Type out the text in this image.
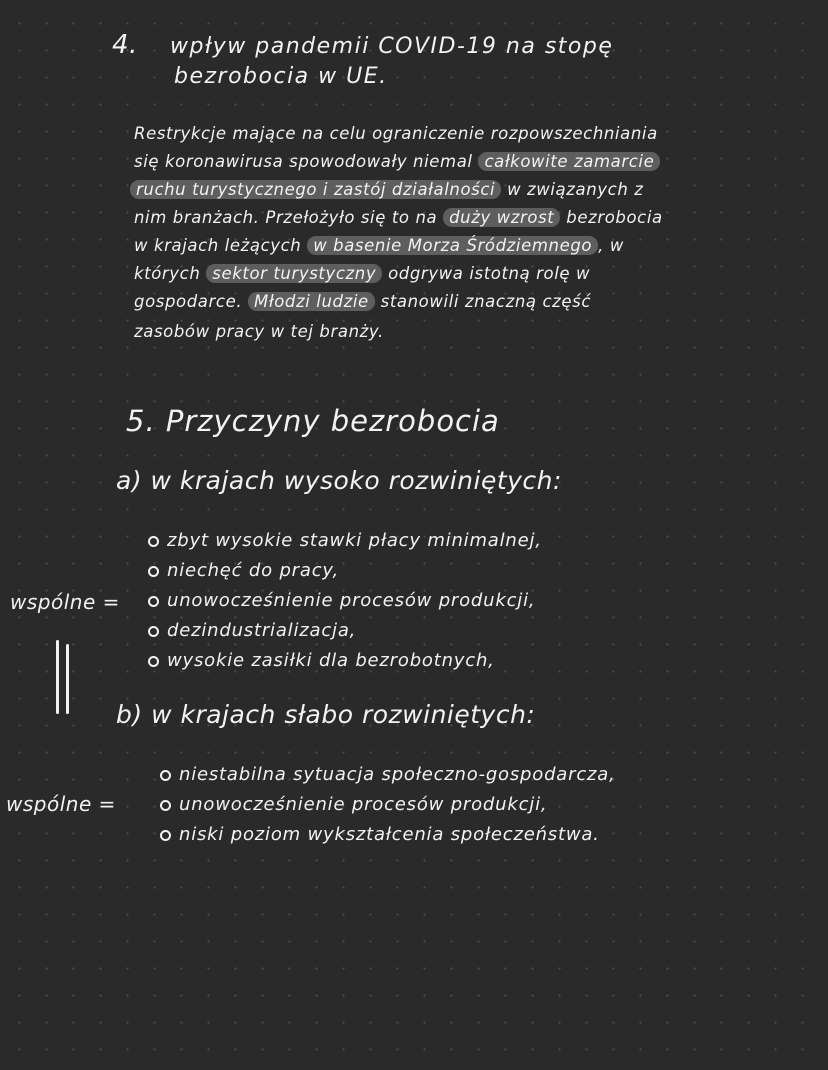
4. wpływ pandemii COVID-19 na stopę
bezrobocia w UE.
Restrykcje mające na celu ograniczenie rozpowszechniania
się koronawirusa spowodowały niemal całkowite zamarcie
ruchu turystycznego i zastój działalności w związanych z
nim branżach. Przełożyło się to na duży wzrost bezrobocia
w krajach leżących w basenie Morza Śródziemnego , w
których sektor turystyczny odgrywa istotną rolę w
gospodarce. Młodzi ludzie stanowili znaczną część
zasobów pracy w tej branży.
5. Przyczyny bezrobocia
a) w krajach wysoko rozwiniętych:
zbyt wysokie stawki płacy minimalnej,
niechęć do pracy,
unowocześnienie procesów produkcji,
dezindustrializacja,
wysokie zasiłki dla bezrobotnych,
wspólne =
b) w krajach słabo rozwiniętych:
niestabilna sytuacja społeczno-gospodarcza,
unowocześnienie procesów produkcji,
niski poziom wykształcenia społeczeństwa.
wspólne =
